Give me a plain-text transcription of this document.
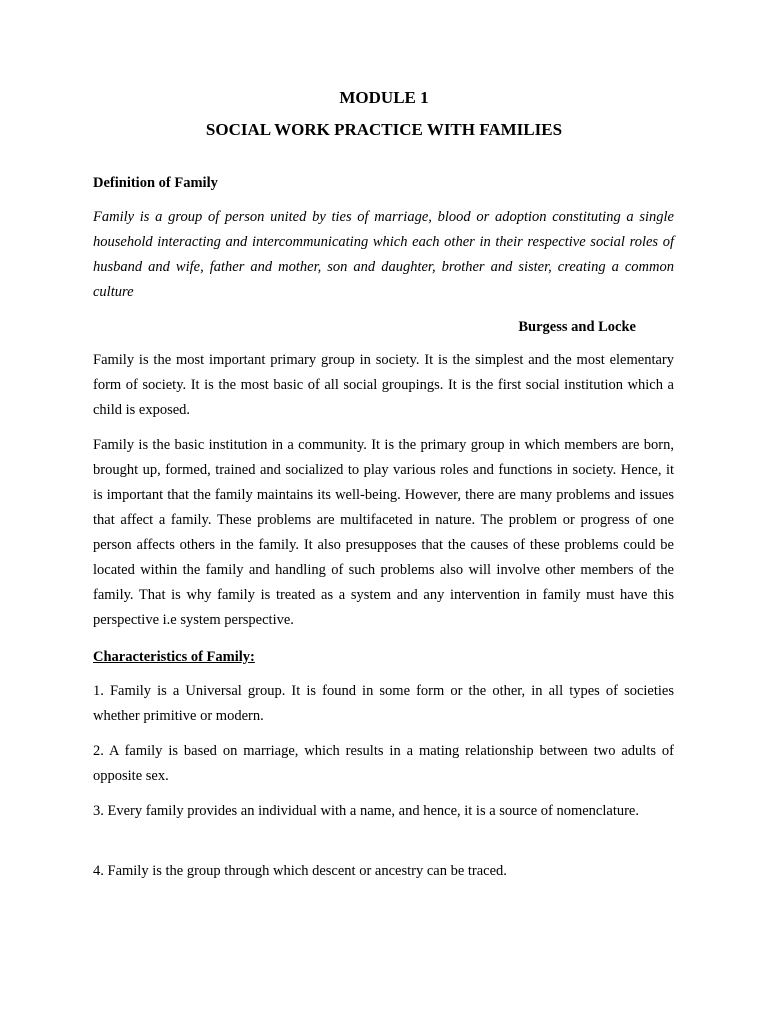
MODULE 1
SOCIAL WORK PRACTICE WITH FAMILIES
Definition of Family

Family is a group of person united by ties of marriage, blood or adoption constituting a single household interacting and intercommunicating which each other in their respective social roles of husband and wife, father and mother, son and daughter, brother and sister, creating a common culture

Burgess and Locke

Family is the most important primary group in society. It is the simplest and the most elementary form of society. It is the most basic of all social groupings. It is the first social institution which a child is exposed.

Family is the basic institution in a community. It is the primary group in which members are born, brought up, formed, trained and socialized to play various roles and functions in society. Hence, it is important that the family maintains its well-being. However, there are many problems and issues that affect a family. These problems are multifaceted in nature. The problem or progress of one person affects others in the family. It also presupposes that the causes of these problems could be located within the family and handling of such problems also will involve other members of the family. That is why family is treated as a system and any intervention in family must have this perspective i.e system perspective.

Characteristics of Family:

1. Family is a Universal group. It is found in some form or the other, in all types of societies whether primitive or modern.

2. A family is based on marriage, which results in a mating relationship between two adults of opposite sex.

3. Every family provides an individual with a name, and hence, it is a source of nomenclature.

4. Family is the group through which descent or ancestry can be traced.
